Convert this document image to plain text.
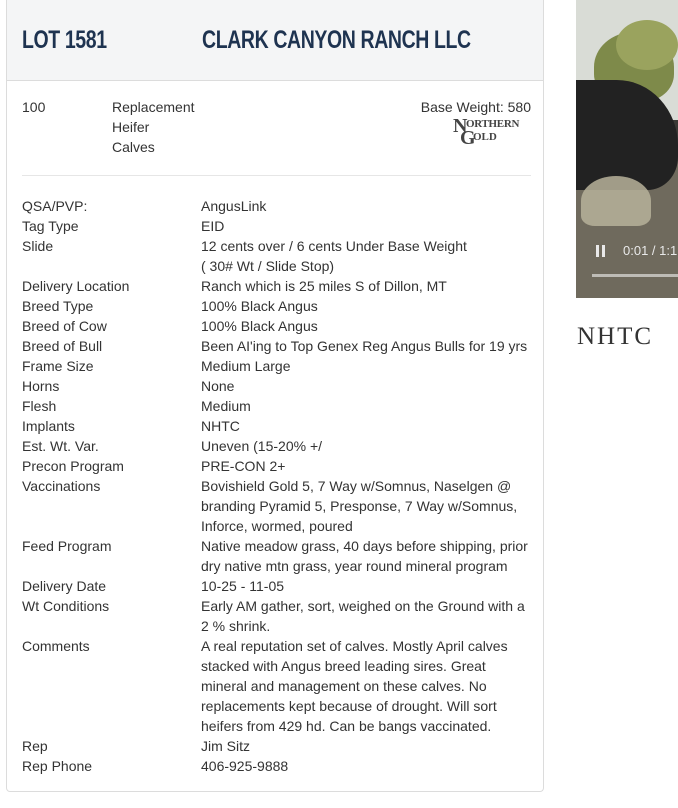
LOT 1581	CLARK CANYON RANCH LLC
100	Replacement
Heifer
Calves
Base Weight: 580
N
ORTHERN
G
OLD
QSA/PVP:	AngusLink
Tag Type	EID
Slide	12 cents over / 6 cents Under Base Weight
( 30# Wt / Slide Stop)
Delivery Location	Ranch which is 25 miles S of Dillon, MT
Breed Type	100% Black Angus
Breed of Cow	100% Black Angus
Breed of Bull	Been AI'ing to Top Genex Reg Angus Bulls for 19 yrs
Frame Size	Medium Large
Horns	None
Flesh	Medium
Implants	NHTC
Est. Wt. Var.	Uneven (15-20% +/
Precon Program	PRE-CON 2+
Vaccinations	Bovishield Gold 5, 7 Way w/Somnus, Naselgen @
branding Pyramid 5, Presponse, 7 Way w/Somnus,
Inforce, wormed, poured
Feed Program	Native meadow grass, 40 days before shipping, prior
dry native mtn grass, year round mineral program
Delivery Date	10-25 - 11-05
Wt Conditions	Early AM gather, sort, weighed on the Ground with a
2 % shrink.
Comments	A real reputation set of calves. Mostly April calves
stacked with Angus breed leading sires. Great
mineral and management on these calves. No
replacements kept because of drought. Will sort
heifers from 429 hd. Can be bangs vaccinated.
Rep	Jim Sitz
Rep Phone	406-925-9888
0:01 / 1:1
NHTC
